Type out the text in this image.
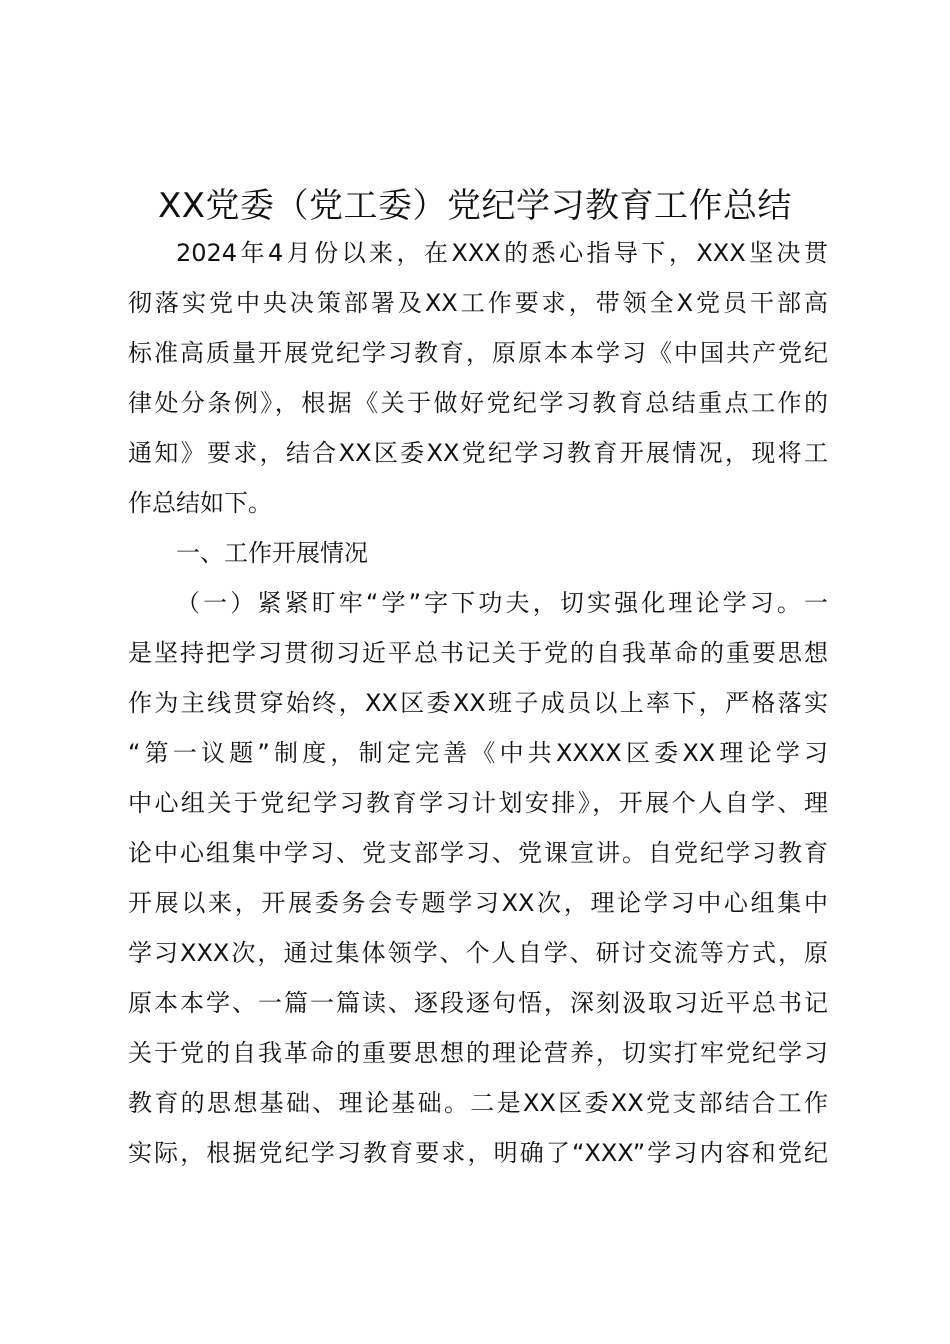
XX党委（党工委）党纪学习教育工作总结
2024年4月份以来，在XXX的悉心指导下，XXX坚决贯
彻落实党中央决策部署及XX工作要求，带领全X党员干部高
标准高质量开展党纪学习教育，原原本本学习《中国共产党纪
律处分条例》，根据《关于做好党纪学习教育总结重点工作的
通知》要求，结合XX区委XX党纪学习教育开展情况，现将工
作总结如下。
一、工作开展情况
（一）紧紧盯牢“学”字下功夫，切实强化理论学习。一
是坚持把学习贯彻习近平总书记关于党的自我革命的重要思想
作为主线贯穿始终，XX区委XX班子成员以上率下，严格落实
“第一议题”制度，制定完善《中共XXXX区委XX理论学习
中心组关于党纪学习教育学习计划安排》，开展个人自学、理
论中心组集中学习、党支部学习、党课宣讲。自党纪学习教育
开展以来，开展委务会专题学习XX次，理论学习中心组集中
学习XXX次，通过集体领学、个人自学、研讨交流等方式，原
原本本学、一篇一篇读、逐段逐句悟，深刻汲取习近平总书记
关于党的自我革命的重要思想的理论营养，切实打牢党纪学习
教育的思想基础、理论基础。二是XX区委XX党支部结合工作
实际，根据党纪学习教育要求，明确了“XXX”学习内容和党纪
